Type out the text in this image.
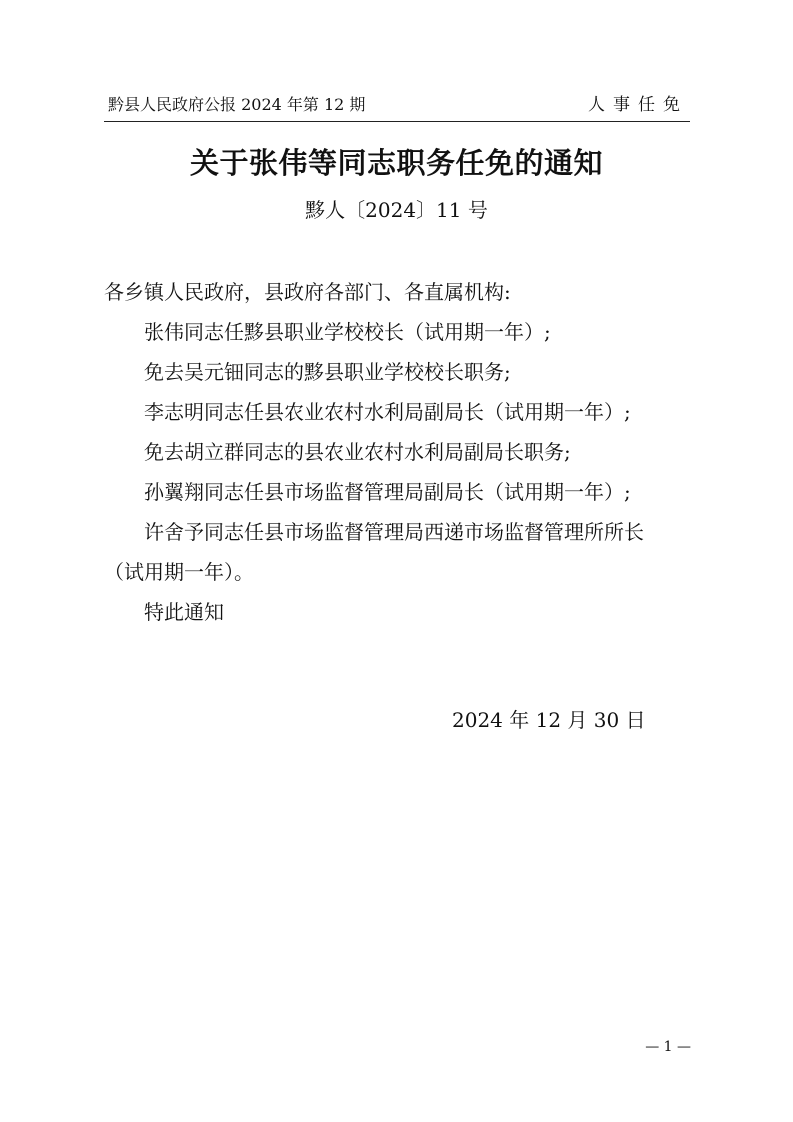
黔县人民政府公报 2024 年第 12 期	人事任免
关于张伟等同志职务任免的通知
黟人〔2024〕11 号

各乡镇人民政府，县政府各部门、各直属机构:

张伟同志任黟县职业学校校长（试用期一年）;

免去吴元钿同志的黟县职业学校校长职务;

李志明同志任县农业农村水利局副局长（试用期一年）;

免去胡立群同志的县农业农村水利局副局长职务;

孙翼翔同志任县市场监督管理局副局长（试用期一年）;

许舍予同志任县市场监督管理局西递市场监督管理所所长

（试用期一年）。

特此通知

2024 年 12 月 30 日
— 1 —
